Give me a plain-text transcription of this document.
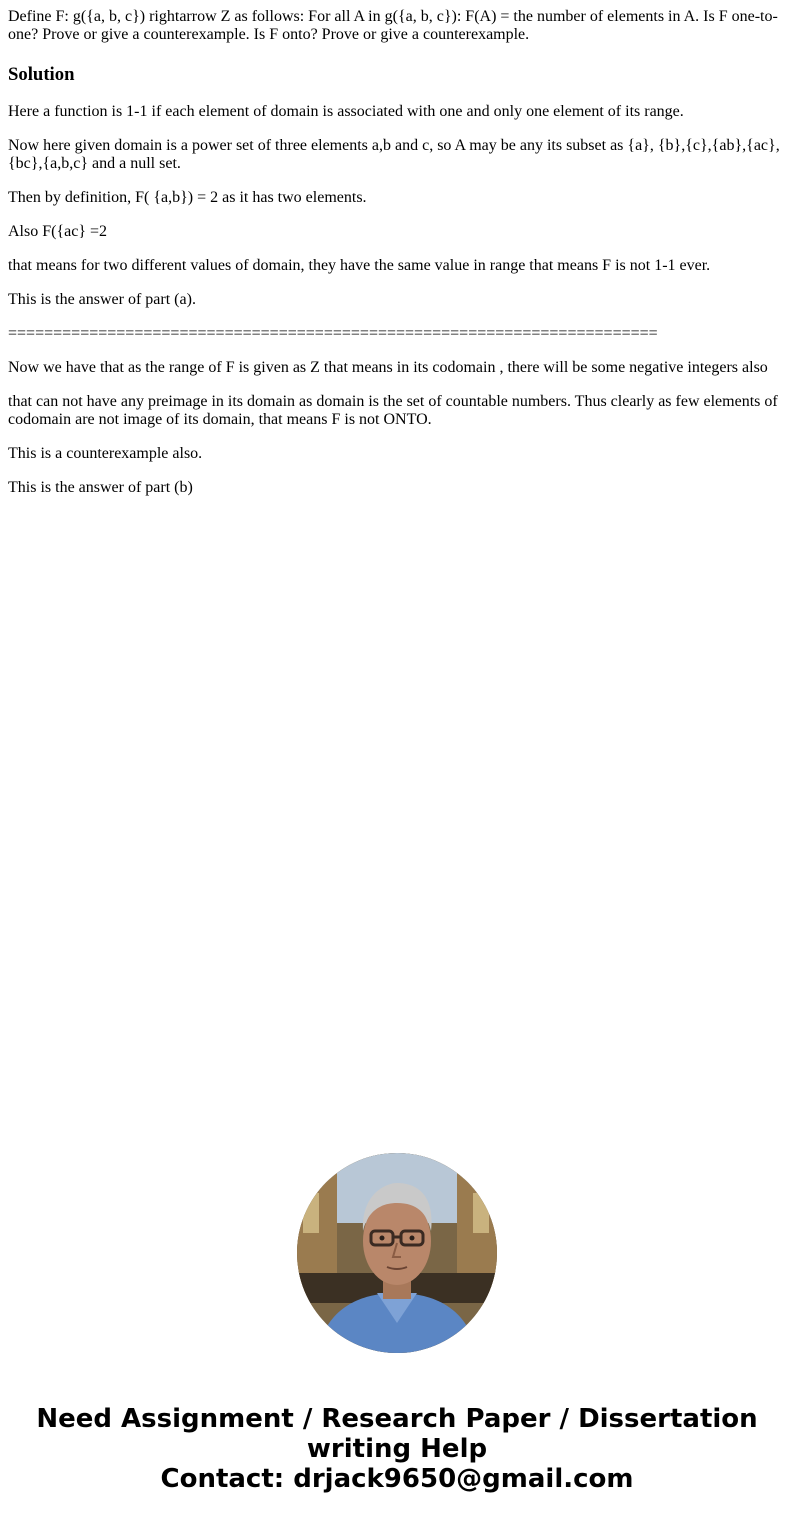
Define F: g({a, b, c}) rightarrow Z as follows: For all A in g({a, b, c}): F(A) = the number of elements in A. Is F one-to-one? Prove or give a counterexample. Is F onto? Prove or give a counterexample.
Solution

Here a function is 1-1 if each element of domain is associated with one and only one element of its range.

Now here given domain is a power set of three elements a,b and c, so A may be any its subset as {a}, {b},{c},{ab},{ac},{bc},{a,b,c} and a null set.

Then by definition, F( {a,b}) = 2 as it has two elements.

Also F({ac} =2

that means for two different values of domain, they have the same value in range that means F is not 1-1 ever.

This is the answer of part (a).

========================================================================

Now we have that as the range of F is given as Z that means in its codomain , there will be some negative integers also

that can not have any preimage in its domain as domain is the set of countable numbers. Thus clearly as few elements of codomain are not image of its domain, that means F is not ONTO.

This is a counterexample also.

This is the answer of part (b)

Need Assignment / Research Paper / Dissertation
writing Help
Contact: drjack9650@gmail.com
